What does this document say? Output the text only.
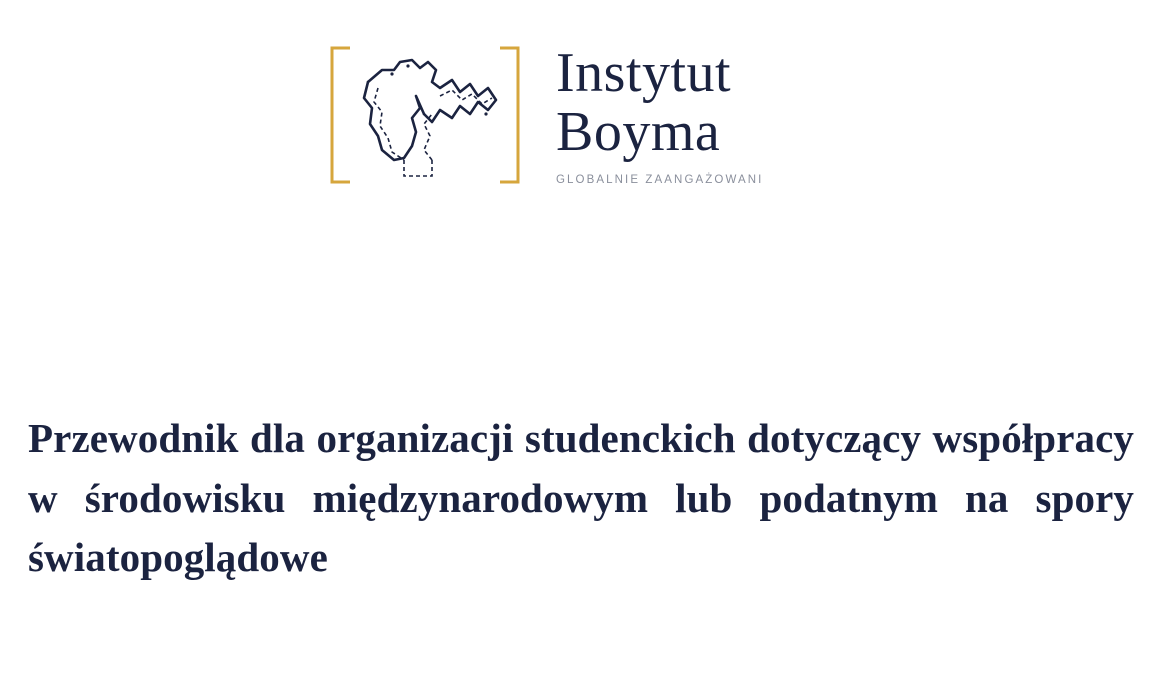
Instytut
Boyma
GLOBALNIE ZAANGAŻOWANI
Przewodnik dla organizacji studenckich dotyczący współpracy w środowisku międzynarodowym lub podatnym na spory światopoglądowe
